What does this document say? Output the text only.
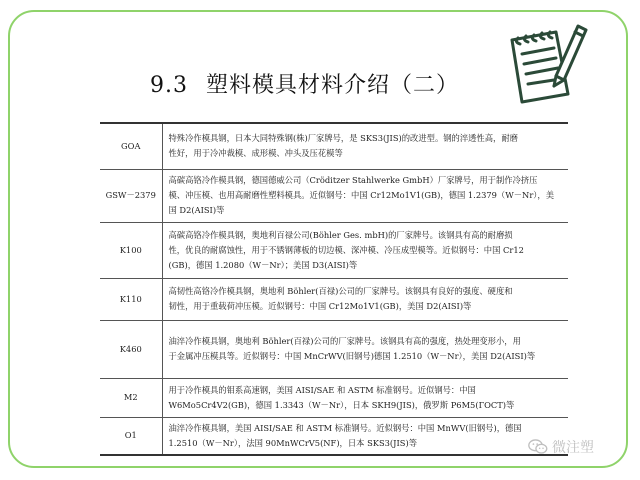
9.3 塑料模具材料介绍（二）
GOA	特殊冷作模具钢，日本大同特殊钢(株)厂家牌号，是 SKS3(JIS)的改进型。钢的淬透性高，耐磨
性好，用于冷冲裁模、成形模、冲头及压花模等

GSW－2379	高碳高铬冷作模具钢，德国德威公司（Cröditzer Stahlwerke GmbH）厂家牌号，用于制作冷挤压
模、冲压模、也用高耐磨性塑料模具。近似钢号：中国 Cr12Mo1V1(GB)，德国 1.2379（W－Nr），美
国 D2(AISI)等

K100	高碳高铬冷作模具钢，奥地利百禄公司(Böhler Ges. mbH)的厂家牌号。该钢具有高的耐磨损
性，优良的耐腐蚀性，用于不锈钢薄板的切边模、深冲模、冷压成型模等。近似钢号：中国 Cr12
(GB)，德国 1.2080（W－Nr）；美国 D3(AISI)等

K110	高韧性高铬冷作模具钢，奥地利 Böhler(百禄)公司的厂家牌号。该钢具有良好的强度、硬度和
韧性，用于重载荷冲压模。近似钢号：中国 Cr12Mo1V1(GB)，美国 D2(AISI)等

K460	油淬冷作模具钢，奥地利 Böhler(百禄)公司的厂家牌号。该钢具有高的强度，热处理变形小，用
于金属冲压模具等。近似钢号：中国 MnCrWV(旧钢号)德国 1.2510（W－Nr），美国 D2(AISI)等

M2	用于冷作模具的钼系高速钢，美国 AISI/SAE 和 ASTM 标准钢号。近似钢号：中国
W6Mo5Cr4V2(GB)，德国 1.3343（W－Nr），日本 SKH9(JIS)，俄罗斯 P6M5(ГОСТ)等

O1	油淬冷作模具钢，美国 AISI/SAE 和 ASTM 标准钢号。近似钢号：中国 MnWV(旧钢号)，德国
1.2510（W－Nr），法国 90MnWCrV5(NF)，日本 SKS3(JIS)等	微注塑
